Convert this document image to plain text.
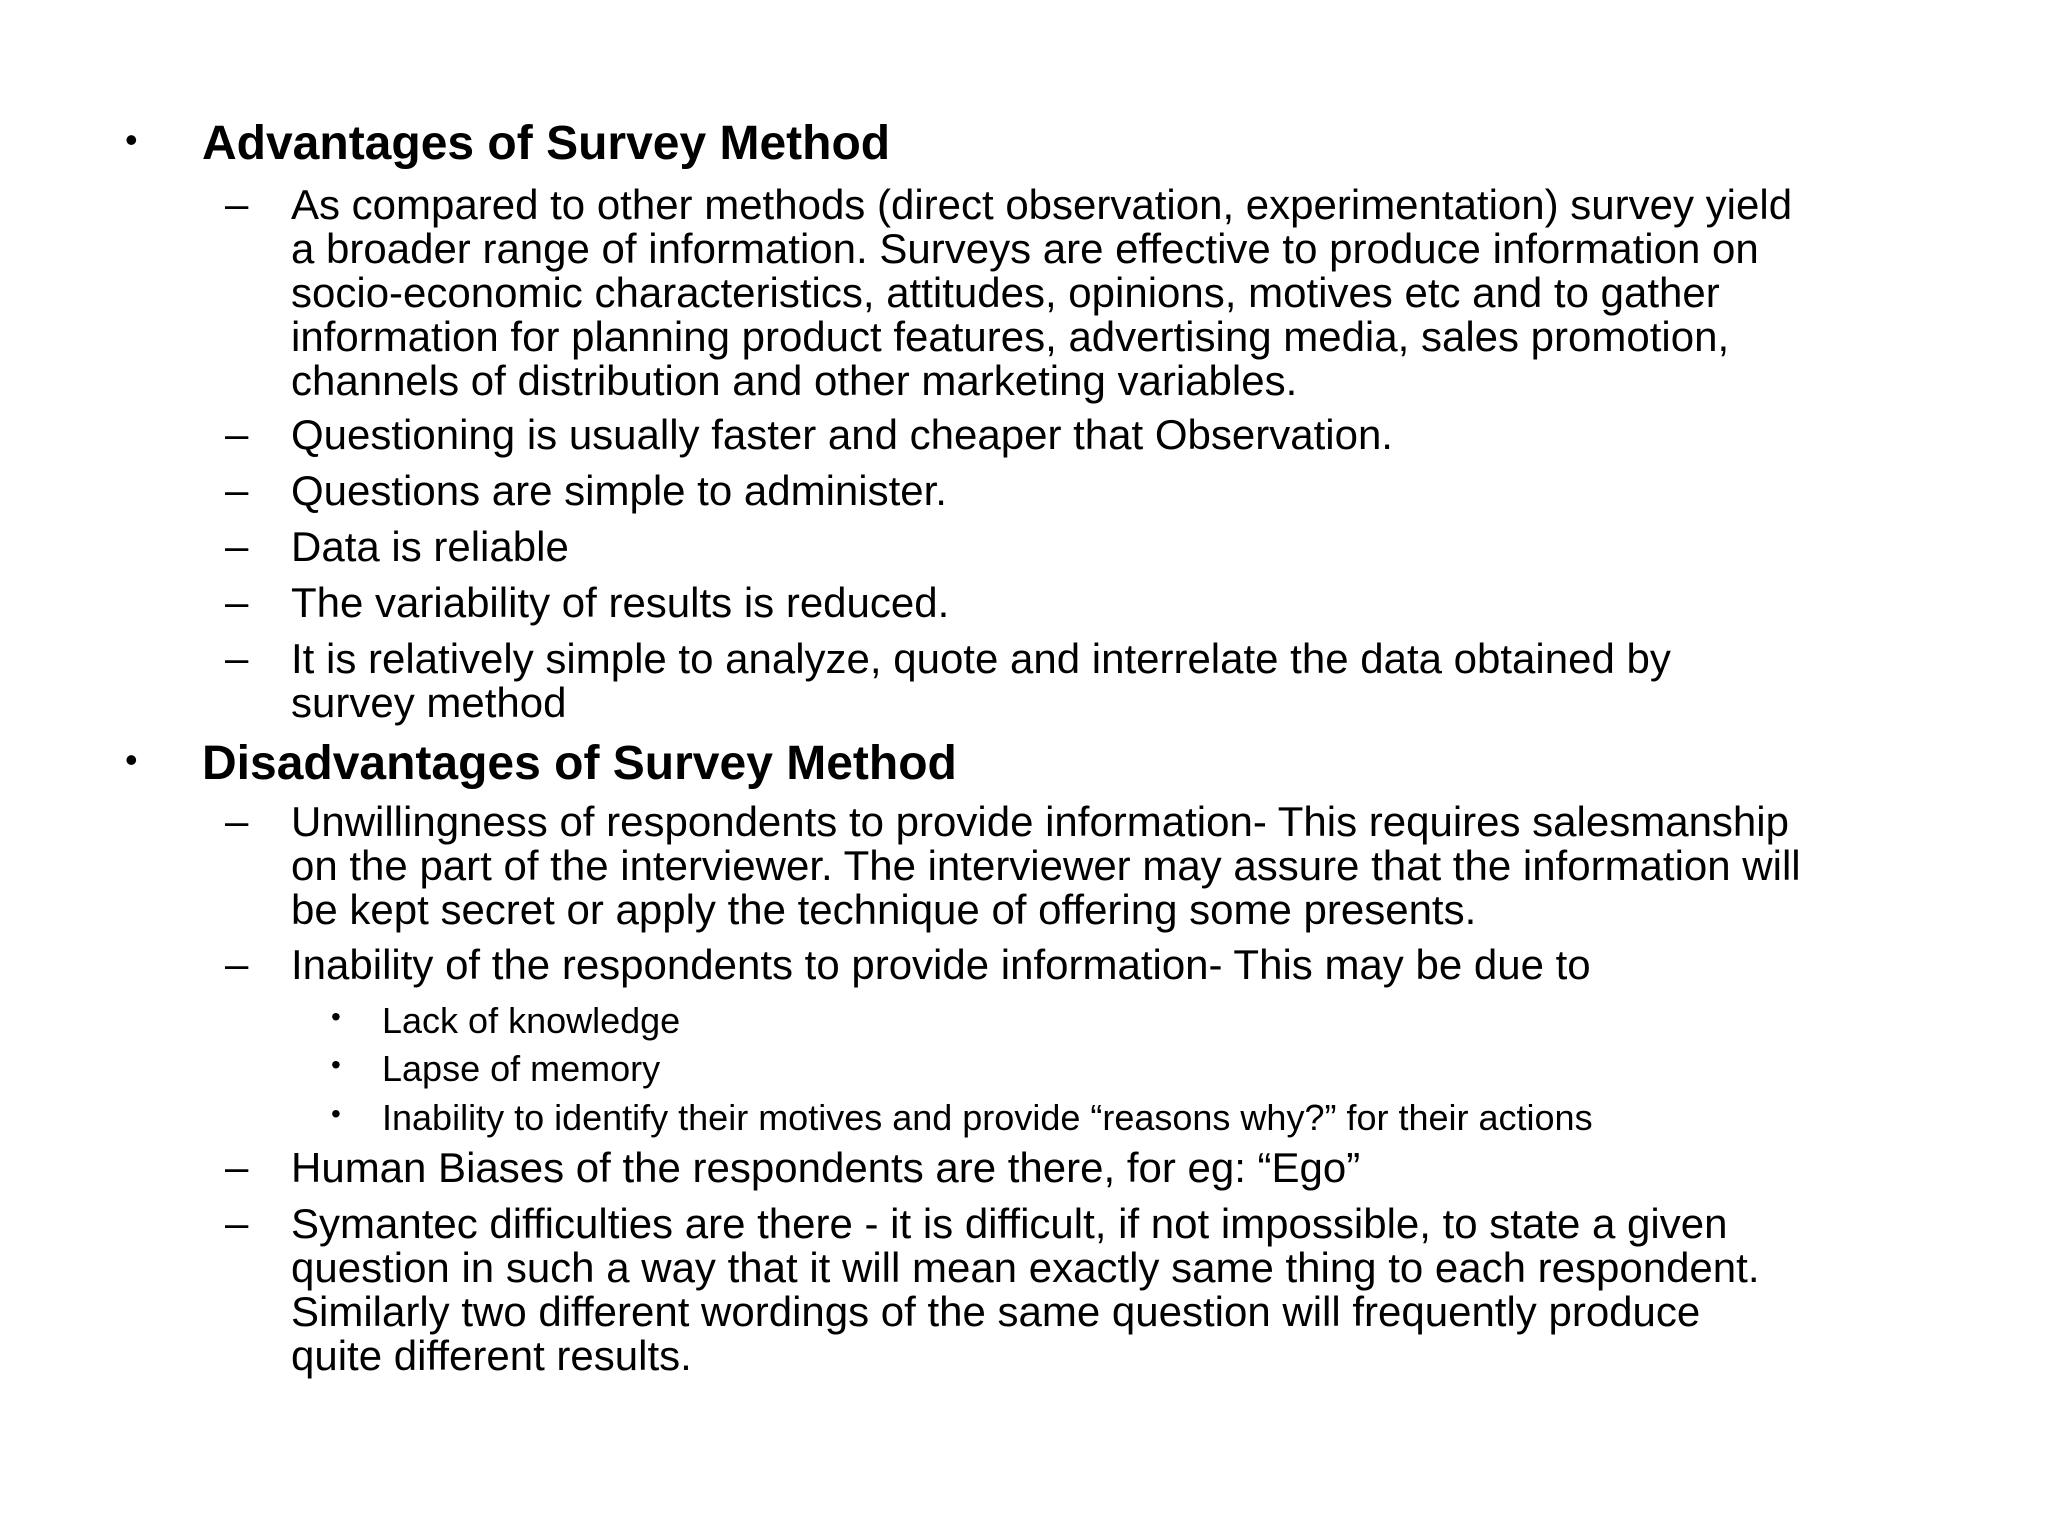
• Advantages of Survey Method
– As compared to other methods (direct observation, experimentation) survey yield
a broader range of information. Surveys are effective to produce information on
socio-economic characteristics, attitudes, opinions, motives etc and to gather
information for planning product features, advertising media, sales promotion,
channels of distribution and other marketing variables.
– Questioning is usually faster and cheaper that Observation.
– Questions are simple to administer.
– Data is reliable
– The variability of results is reduced.
– It is relatively simple to analyze, quote and interrelate the data obtained by
survey method
• Disadvantages of Survey Method
– Unwillingness of respondents to provide information- This requires salesmanship
on the part of the interviewer. The interviewer may assure that the information will
be kept secret or apply the technique of offering some presents.
– Inability of the respondents to provide information- This may be due to
• Lack of knowledge
• Lapse of memory
• Inability to identify their motives and provide “reasons why?” for their actions
– Human Biases of the respondents are there, for eg: “Ego”
– Symantec difficulties are there - it is difficult, if not impossible, to state a given
question in such a way that it will mean exactly same thing to each respondent.
Similarly two different wordings of the same question will frequently produce
quite different results.
